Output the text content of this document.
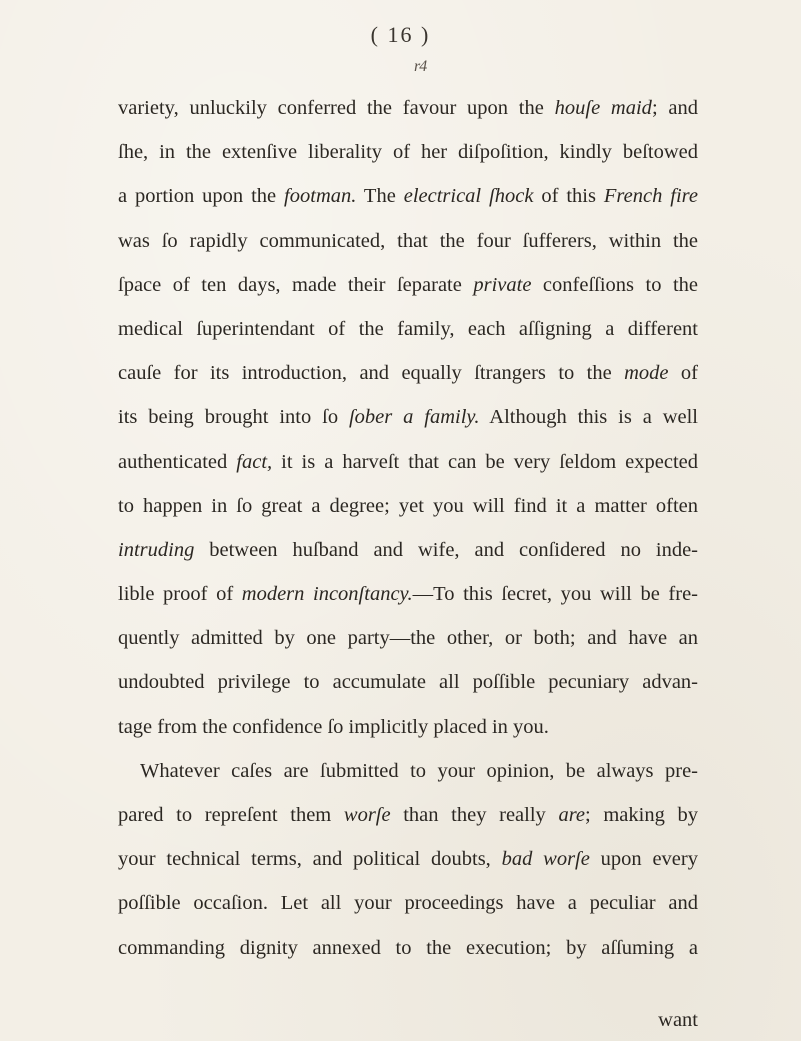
( 16 )
r4
variety, unluckily conferred the favour upon the houſe maid; and
ſhe, in the extenſive liberality of her diſpoſition, kindly beſtowed
a portion upon the footman. The electrical ſhock of this French fire
was ſo rapidly communicated, that the four ſufferers, within the
ſpace of ten days, made their ſeparate private confeſſions to the
medical ſuperintendant of the family, each aſſigning a different
cauſe for its introduction, and equally ſtrangers to the mode of
its being brought into ſo ſober a family. Although this is a well
authenticated fact, it is a harveſt that can be very ſeldom expected
to happen in ſo great a degree; yet you will find it a matter often
intruding between huſband and wife, and conſidered no inde-
lible proof of modern inconſtancy.—To this ſecret, you will be fre-
quently admitted by one party—the other, or both; and have an
undoubted privilege to accumulate all poſſible pecuniary advan-
tage from the confidence ſo implicitly placed in you.
Whatever caſes are ſubmitted to your opinion, be always pre-
pared to repreſent them worſe than they really are; making by
your technical terms, and political doubts, bad worſe upon every
poſſible occaſion. Let all your proceedings have a peculiar and
commanding dignity annexed to the execution; by aſſuming a
want
